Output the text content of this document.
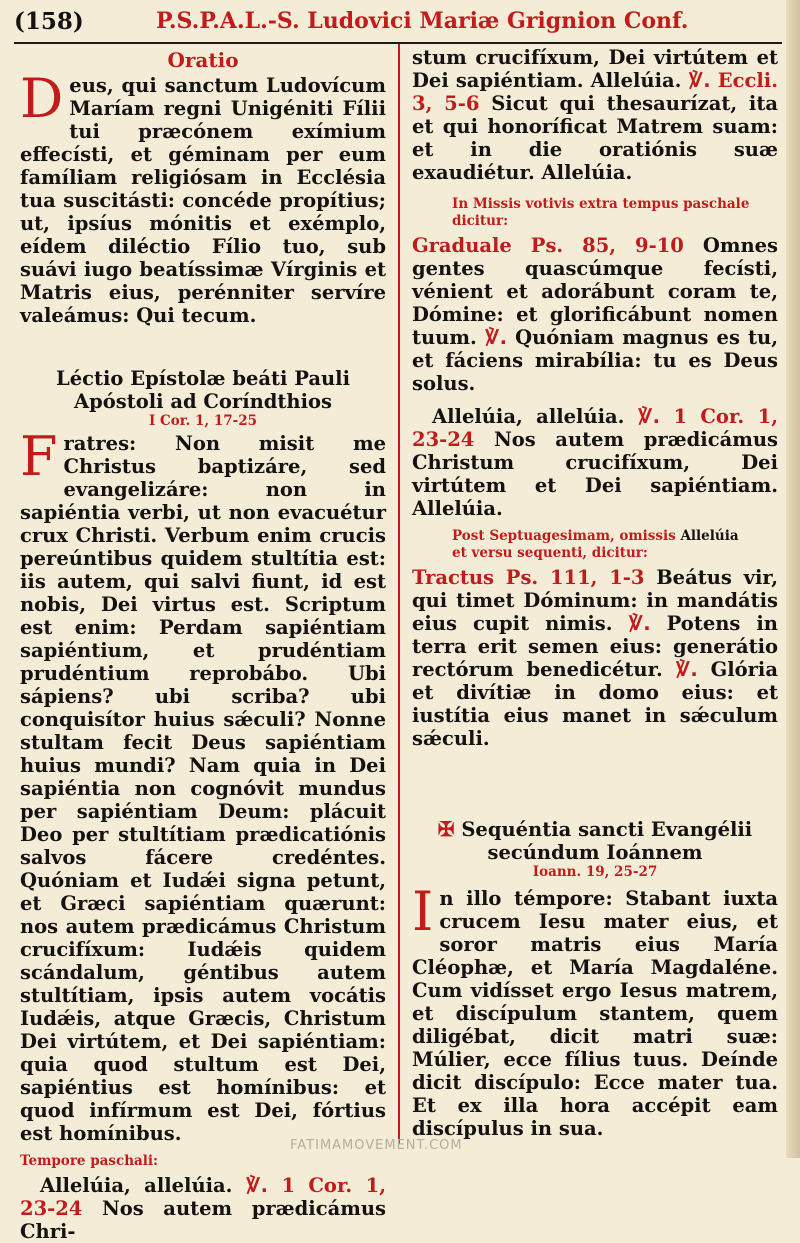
(158)	P.S.P.A.L.-S. Ludovici Mariæ Grignion Conf.
Oratio

Deus, qui sanctum Ludovícum Maríam regni Unigéniti Fílii tui præcónem exímium effecísti, et géminam per eum famíliam religiósam in Ecclésia tua suscitásti: concéde propítius; ut, ipsíus mónitis et exémplo, eídem diléctio Fílio tuo, sub suávi iugo beatíssimæ Vírginis et Matris eius, perénniter servíre valeámus: Qui tecum.

Léctio Epístolæ beáti Pauli
Apóstoli ad Coríndthios
I Cor. 1, 17-25

Fratres: Non misit me Christus baptizáre, sed evangelizáre: non in sapiéntia verbi, ut non evacuétur crux Christi. Verbum enim crucis pereúntibus quidem stultítia est: iis autem, qui salvi fiunt, id est nobis, Dei virtus est. Scriptum est enim: Perdam sapiéntiam sapiéntium, et prudéntiam prudéntium reprobábo. Ubi sápiens? ubi scriba? ubi conquisítor huius sǽculi? Nonne stultam fecit Deus sapiéntiam huius mundi? Nam quia in Dei sapiéntia non cognóvit mundus per sapiéntiam Deum: plácuit Deo per stultítiam prædicatiónis salvos fácere credéntes. Quóniam et Iudǽi signa petunt, et Græci sapiéntiam quærunt: nos autem prædicámus Christum crucifíxum: Iudǽis quidem scándalum, géntibus autem stultítiam, ipsis autem vocátis Iudǽis, atque Græcis, Christum Dei virtútem, et Dei sapiéntiam: quia quod stultum est Dei, sapiéntius est homínibus: et quod infírmum est Dei, fórtius est homínibus.

Tempore paschali:

Allelúia, allelúia. ℣. 1 Cor. 1, 23-24 Nos autem prædicámus Chri-

stum crucifíxum, Dei virtútem et Dei sapiéntiam. Allelúia. ℣. Eccli. 3, 5-6 Sicut qui thesaurízat, ita et qui honoríficat Matrem suam: et in die oratiónis suæ exaudiétur. Allelúia.

In Missis votivis extra tempus paschale dicitur:

Graduale Ps. 85, 9-10 Omnes gentes quascúmque fecísti, vénient et adorábunt coram te, Dómine: et glorificábunt nomen tuum. ℣. Quóniam magnus es tu, et fáciens mirabília: tu es Deus solus.

Allelúia, allelúia. ℣. 1 Cor. 1, 23-24 Nos autem prædicámus Christum crucifíxum, Dei virtútem et Dei sapiéntiam. Allelúia.

Post Septuagesimam, omissis Allelúia
et versu sequenti, dicitur:

Tractus Ps. 111, 1-3 Beátus vir, qui timet Dóminum: in mandátis eius cupit nimis. ℣. Potens in terra erit semen eius: generátio rectórum benedicétur. ℣. Glória et divítiæ in domo eius: et iustítia eius manet in sǽculum sǽculi.

✠ Sequéntia sancti Evangélii
secúndum Ioánnem
Ioann. 19, 25-27

In illo témpore: Stabant iuxta crucem Iesu mater eius, et soror matris eius María Cléophæ, et María Magdaléne. Cum vidísset ergo Iesus matrem, et discípulum stantem, quem diligébat, dicit matri suæ: Múlier, ecce fílius tuus. Deínde dicit discípulo: Ecce mater tua. Et ex illa hora accépit eam discípulus in sua.

FATIMAMOVEMENT.COM
